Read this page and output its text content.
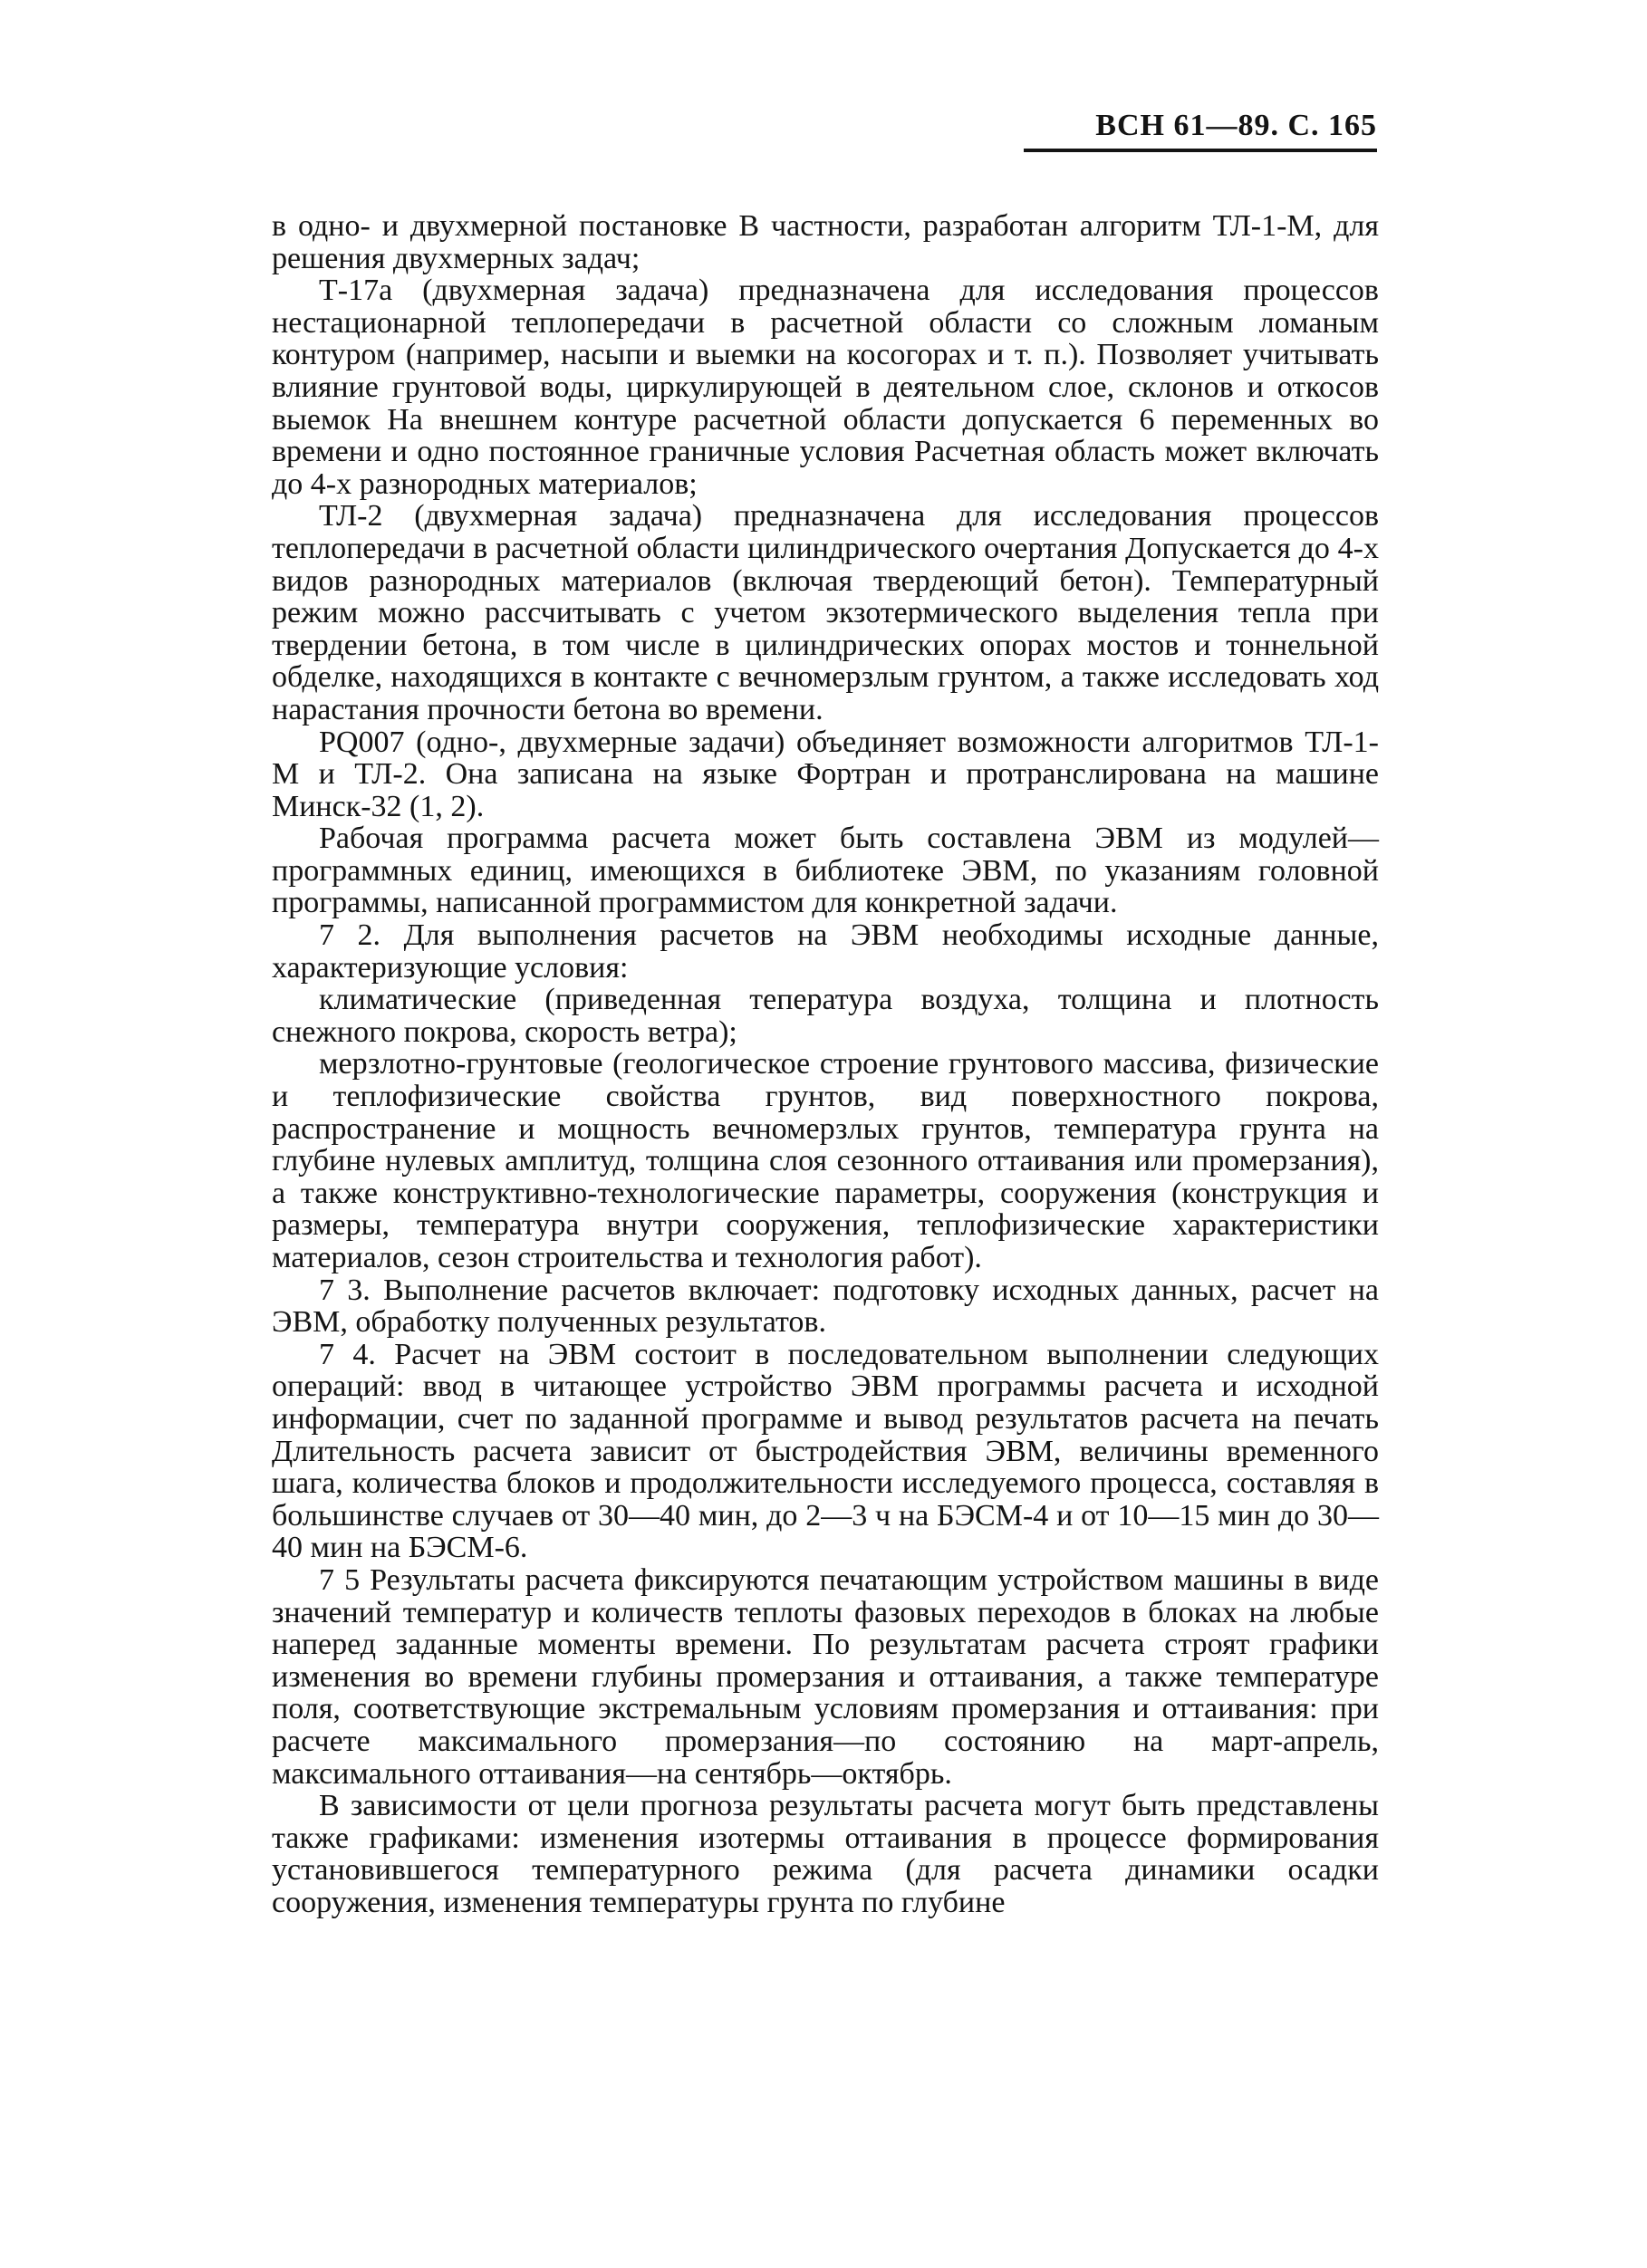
ВСН 61—89. С. 165

в одно- и двухмерной постановке В частности, разработан алгоритм ТЛ-1-М, для решения двухмерных задач;

Т-17а (двухмерная задача) предназначена для исследования процессов нестационарной теплопередачи в расчетной области со сложным ломаным контуром (например, насыпи и выемки на косогорах и т. п.). Позволяет учитывать влияние грунтовой воды, циркулирующей в деятельном слое, склонов и откосов выемок На внешнем контуре расчетной области допускается 6 переменных во времени и одно постоянное граничные условия Расчетная область может включать до 4-х разнородных материалов;

ТЛ-2 (двухмерная задача) предназначена для исследования процессов теплопередачи в расчетной области цилиндрического очертания Допускается до 4-х видов разнородных материалов (включая твердеющий бетон). Температурный режим можно рассчитывать с учетом экзотермического выделения тепла при твердении бетона, в том числе в цилиндрических опорах мостов и тоннельной обделке, находящихся в контакте с вечномерзлым грунтом, а также исследовать ход нарастания прочности бетона во времени.

PQ007 (одно-, двухмерные задачи) объединяет возможности алгоритмов ТЛ-1-М и ТЛ-2. Она записана на языке Фортран и протранслирована на машине Минск-32 (1, 2).

Рабочая программа расчета может быть составлена ЭВМ из модулей—программных единиц, имеющихся в библиотеке ЭВМ, по указаниям головной программы, написанной программистом для конкретной задачи.

7 2. Для выполнения расчетов на ЭВМ необходимы исходные данные, характеризующие условия:

климатические (приведенная тепература воздуха, толщина и плотность снежного покрова, скорость ветра);

мерзлотно-грунтовые (геологическое строение грунтового массива, физические и теплофизические свойства грунтов, вид поверхностного покрова, распространение и мощность вечномерзлых грунтов, температура грунта на глубине нулевых амплитуд, толщина слоя сезонного оттаивания или промерзания), а также конструктивно-технологические параметры, сооружения (конструкция и размеры, температура внутри сооружения, теплофизические характеристики материалов, сезон строительства и технология работ).

7 3. Выполнение расчетов включает: подготовку исходных данных, расчет на ЭВМ, обработку полученных результатов.

7 4. Расчет на ЭВМ состоит в последовательном выполнении следующих операций: ввод в читающее устройство ЭВМ программы расчета и исходной информации, счет по заданной программе и вывод результатов расчета на печать Длительность расчета зависит от быстродействия ЭВМ, величины временного шага, количества блоков и продолжительности исследуемого процесса, составляя в большинстве случаев от 30—40 мин, до 2—3 ч на БЭСМ-4 и от 10—15 мин до 30—40 мин на БЭСМ-6.

7 5 Результаты расчета фиксируются печатающим устройством машины в виде значений температур и количеств теплоты фазовых переходов в блоках на любые наперед заданные моменты времени. По результатам расчета строят графики изменения во времени глубины промерзания и оттаивания, а также температуре поля, соответствующие экстремальным условиям промерзания и оттаивания: при расчете максимального промерзания—по состоянию на март-апрель, максимального оттаивания—на сентябрь—октябрь.

В зависимости от цели прогноза результаты расчета могут быть представлены также графиками: изменения изотермы оттаивания в процессе формирования установившегося температурного режима (для расчета динамики осадки сооружения, изменения температуры грунта по глубине
